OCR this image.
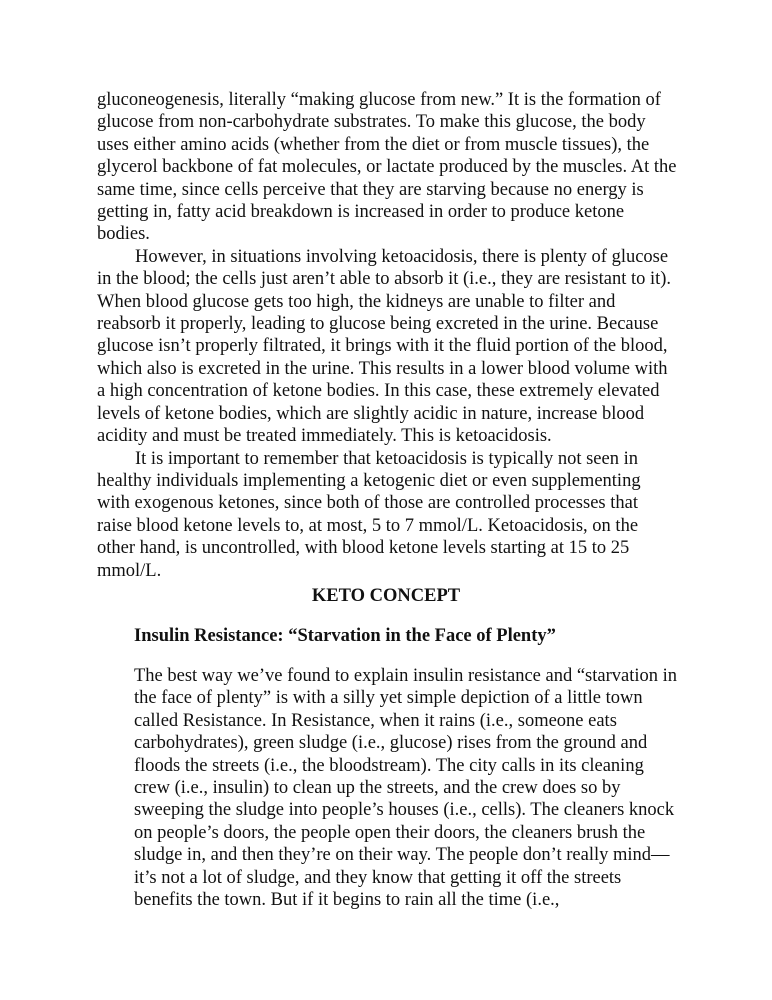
gluconeogenesis, literally “making glucose from new.” It is the formation of glucose from non-carbohydrate substrates. To make this glucose, the body uses either amino acids (whether from the diet or from muscle tissues), the glycerol backbone of fat molecules, or lactate produced by the muscles. At the same time, since cells perceive that they are starving because no energy is getting in, fatty acid breakdown is increased in order to produce ketone bodies.

However, in situations involving ketoacidosis, there is plenty of glucose in the blood; the cells just aren’t able to absorb it (i.e., they are resistant to it). When blood glucose gets too high, the kidneys are unable to filter and reabsorb it properly, leading to glucose being excreted in the urine. Because glucose isn’t properly filtrated, it brings with it the fluid portion of the blood, which also is excreted in the urine. This results in a lower blood volume with a high concentration of ketone bodies. In this case, these extremely elevated levels of ketone bodies, which are slightly acidic in nature, increase blood acidity and must be treated immediately. This is ketoacidosis.

It is important to remember that ketoacidosis is typically not seen in healthy individuals implementing a ketogenic diet or even supplementing with exogenous ketones, since both of those are controlled processes that raise blood ketone levels to, at most, 5 to 7 mmol/L. Ketoacidosis, on the other hand, is uncontrolled, with blood ketone levels starting at 15 to 25 mmol/L.

KETO CONCEPT
Insulin Resistance: “Starvation in the Face of Plenty”

The best way we’ve found to explain insulin resistance and “starvation in the face of plenty” is with a silly yet simple depiction of a little town called Resistance. In Resistance, when it rains (i.e., someone eats carbohydrates), green sludge (i.e., glucose) rises from the ground and floods the streets (i.e., the bloodstream). The city calls in its cleaning crew (i.e., insulin) to clean up the streets, and the crew does so by sweeping the sludge into people’s houses (i.e., cells). The cleaners knock on people’s doors, the people open their doors, the cleaners brush the sludge in, and then they’re on their way. The people don’t really mind—it’s not a lot of sludge, and they know that getting it off the streets benefits the town. But if it begins to rain all the time (i.e.,
